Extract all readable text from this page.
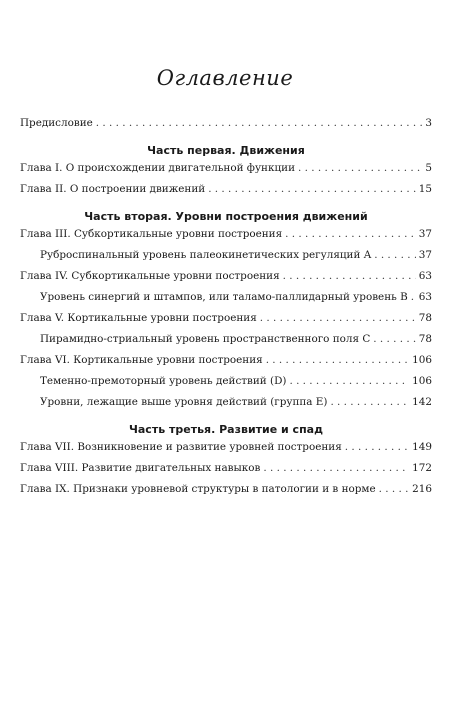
Оглавление
Предисловие . . .	3
Часть первая. Движения
Глава I. О происхождении двигательной функции . . .	5
Глава II. О построении движений . . .	15
Часть вторая. Уровни построения движений
Глава III. Субкортикальные уровни построения . . .	37
Руброспинальный уровень палеокинетических регуляций A . . .	37
Глава IV. Субкортикальные уровни построения . . .	63
Уровень синергий и штампов, или таламо-паллидарный уровень B . . . 63
Глава V. Кортикальные уровни построения . . .	78
Пирамидно-стриальный уровень пространственного поля C . . .	78
Глава VI. Кортикальные уровни построения . . .	106
Теменно-премоторный уровень действий (D) . . .	106
Уровни, лежащие выше уровня действий (группа E) . . .	142
Часть третья. Развитие и спад
Глава VII. Возникновение и развитие уровней построения . . .	149
Глава VIII. Развитие двигательных навыков . . .	172
Глава IX. Признаки уровневой структуры в патологии и в норме . . .	216
